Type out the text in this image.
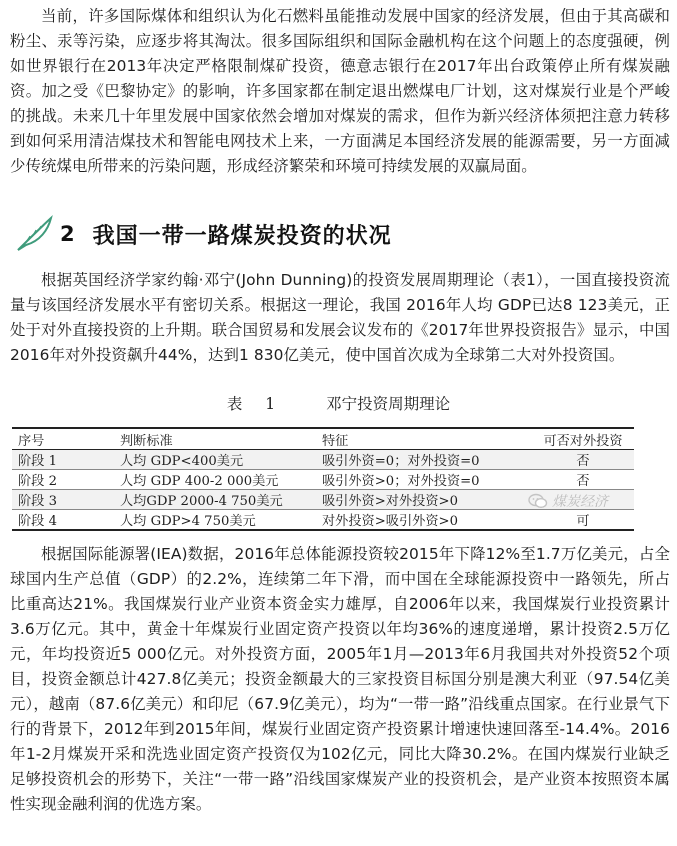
当前，许多国际煤体和组织认为化石燃料虽能推动发展中国家的经济发展，但由于其高碳和粉尘、汞等污染，应逐步将其淘汰。很多国际组织和国际金融机构在这个问题上的态度强硬，例如世界银行在2013年决定严格限制煤矿投资，德意志银行在2017年出台政策停止所有煤炭融资。加之受《巴黎协定》的影响，许多国家都在制定退出燃煤电厂计划，这对煤炭行业是个严峻的挑战。未来几十年里发展中国家依然会增加对煤炭的需求，但作为新兴经济体须把注意力转移到如何采用清洁煤技术和智能电网技术上来，一方面满足本国经济发展的能源需要，另一方面减少传统煤电所带来的污染问题，形成经济繁荣和环境可持续发展的双赢局面。

2 我国一带一路煤炭投资的状况

根据英国经济学家约翰·邓宁(John Dunning)的投资发展周期理论（表1），一国直接投资流量与该国经济发展水平有密切关系。根据这一理论，我国 2016年人均 GDP已达8 123美元，正处于对外直接投资的上升期。联合国贸易和发展会议发布的《2017年世界投资报告》显示，中国2016年对外投资飙升44%，达到1 830亿美元，使中国首次成为全球第二大对外投资国。

表 1	邓宁投资周期理论
序号	判断标准	特征	可否对外投资
阶段 1	人均 GDP<400美元	吸引外资=0；对外投资=0	否
阶段 2	人均 GDP 400-2 000美元	吸引外资>0；对外投资=0	否
阶段 3	人均GDP 2000-4 750美元	吸引外资>对外投资>0	
阶段 4	人均 GDP>4 750美元	对外投资>吸引外资>0	可
煤炭经济

根据国际能源署(IEA)数据，2016年总体能源投资较2015年下降12%至1.7万亿美元，占全球国内生产总值（GDP）的2.2%，连续第二年下滑，而中国在全球能源投资中一路领先，所占比重高达21%。我国煤炭行业产业资本资金实力雄厚，自2006年以来，我国煤炭行业投资累计3.6万亿元。其中，黄金十年煤炭行业固定资产投资以年均36%的速度递增，累计投资2.5万亿元，年均投资近5 000亿元。对外投资方面，2005年1月—2013年6月我国共对外投资52个项目，投资金额总计427.8亿美元；投资金额最大的三家投资目标国分别是澳大利亚（97.54亿美元），越南（87.6亿美元）和印尼（67.9亿美元），均为“一带一路”沿线重点国家。在行业景气下行的背景下，2012年到2015年间，煤炭行业固定资产投资累计增速快速回落至-14.4%。2016年1-2月煤炭开采和洗选业固定资产投资仅为102亿元，同比大降30.2%。在国内煤炭行业缺乏足够投资机会的形势下，关注“一带一路”沿线国家煤炭产业的投资机会，是产业资本按照资本属性实现金融利润的优选方案。
